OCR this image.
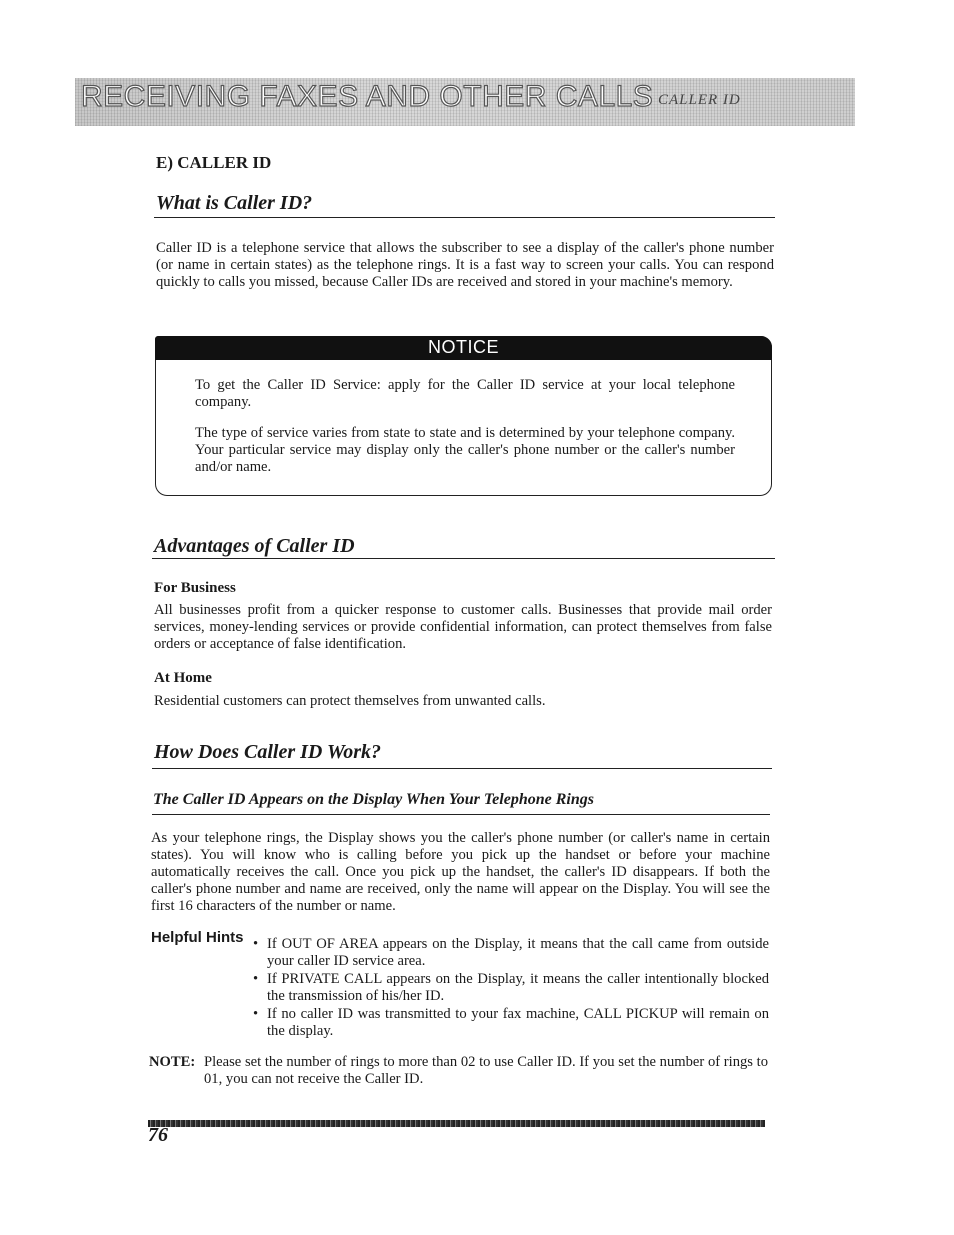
RECEIVING FAXES AND OTHER CALLS CALLER ID
E) CALLER ID
What is Caller ID?
Caller ID is a telephone service that allows the subscriber to see a display of the caller's phone number (or name in certain states) as the telephone rings. It is a fast way to screen your calls. You can respond quickly to calls you missed, because Caller IDs are received and stored in your machine's memory.
NOTICE
To get the Caller ID Service: apply for the Caller ID service at your local telephone company.
The type of service varies from state to state and is determined by your telephone company. Your particular service may display only the caller's phone number or the caller's number and/or name.
Advantages of Caller ID
For Business
All businesses profit from a quicker response to customer calls. Businesses that provide mail order services, money-lending services or provide confidential information, can protect themselves from false orders or acceptance of false identification.
At Home
Residential customers can protect themselves from unwanted calls.
How Does Caller ID Work?
The Caller ID Appears on the Display When Your Telephone Rings
As your telephone rings, the Display shows you the caller's phone number (or caller's name in certain states). You will know who is calling before you pick up the handset or before your machine automatically receives the call. Once you pick up the handset, the caller's ID disappears. If both the caller's phone number and name are received, only the name will appear on the Display. You will see the first 16 characters of the number or name.
Helpful Hints
•	If OUT OF AREA appears on the Display, it means that the call came from outside your caller ID service area.
• If PRIVATE CALL appears on the Display, it means the caller intentionally blocked the transmission of his/her ID.
• If no caller ID was transmitted to your fax machine, CALL PICKUP will remain on the display.
NOTE: Please set the number of rings to more than 02 to use Caller ID. If you set the number of rings to 01, you can not receive the Caller ID.
76
